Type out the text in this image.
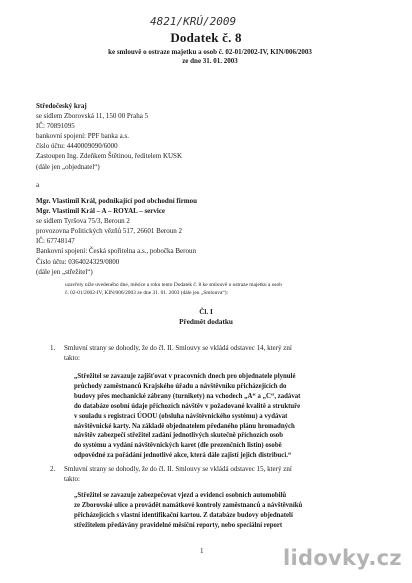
4821/KRÚ/2009
Dodatek č. 8
ke smlouvě o ostraze majetku a osob č. 02-01/2002-IV, KIN/006/2003
ze dne 31. 01. 2003
Středočeský kraj
se sídlem Zborovská 11, 150 00 Praha 5
IČ: 70891095
bankovní spojení: PPF banka a.s.
číslo účtu: 4440009090/6000
Zastoupen Ing. Zdeňkem Štětinou, ředitelem KUSK
(dále jen „objednatel“)
a
Mgr. Vlastimil Král, podnikající pod obchodní firmou
Mgr. Vlastimil Král – A – ROYAL – service
se sídlem Tyršova 75/3, Beroun 2
provozovna Politických vězňů 517, 26601 Beroun 2
IČ: 67748147
Bankovní spojení: Česká spořitelna a.s., pobočka Beroun
Číslo účtu: 0364024329/0800
(dále jen „střežitel“)
uzavřely níže uvedeného dne, měsíce a roku tento Dodatek č. 8 ke smlouvě o ostraze majetku a osob
č. 02-01/2002-IV, KIN/006/2003 ze dne 31. 01. 2003 (dále jen „Smlouva“):
Čl. I
Předmět dodatku
1. Smluvní strany se dohodly, že do čl. II. Smlouvy se vkládá odstavec 14, který zní
takto:
„Střežitel se zavazuje zajišťovat v pracovních dnech pro objednatele plynulé
průchody zaměstnanců Krajského úřadu a návštěvníku přicházejících do
budovy přes mechanické zábrany (turnikety) na vchodech „A“ a „C“, zadávat
do databáze osobní údaje příchozích návštěv v požadované kvalitě a struktuře
v souladu s registrací ÚOOU (obsluha návštěvnického systému) a vydávat
návštěvnické karty. Na základě objednatelem předaného plánu hromadných
návštěv zabezpečí střežitel zadání jednotlivých skutečně příchozích osob
do systému a vydání návštěvnických karet (dle prezenčních listin) osobě
odpovědné za pořádání jednotlivé akce, která dále zajistí jejich distribuci.“
2. Smluvní strany se dohodly, že do čl. II. Smlouvy se vkládá odstavec 15, který zní
takto:
„Střežitel se zavazuje zabezpečovat vjezd a evidenci osobních automobilů
ze Zborovské ulice a provádět namátkové kontroly zaměstnanců a návštěvníků
přicházejících s vlastní identifikační kartou. Z databáze budovy objednatelí
střežitelem předávány pravidelné měsíční reporty, nebo speciální report
1	lidovky.cz
